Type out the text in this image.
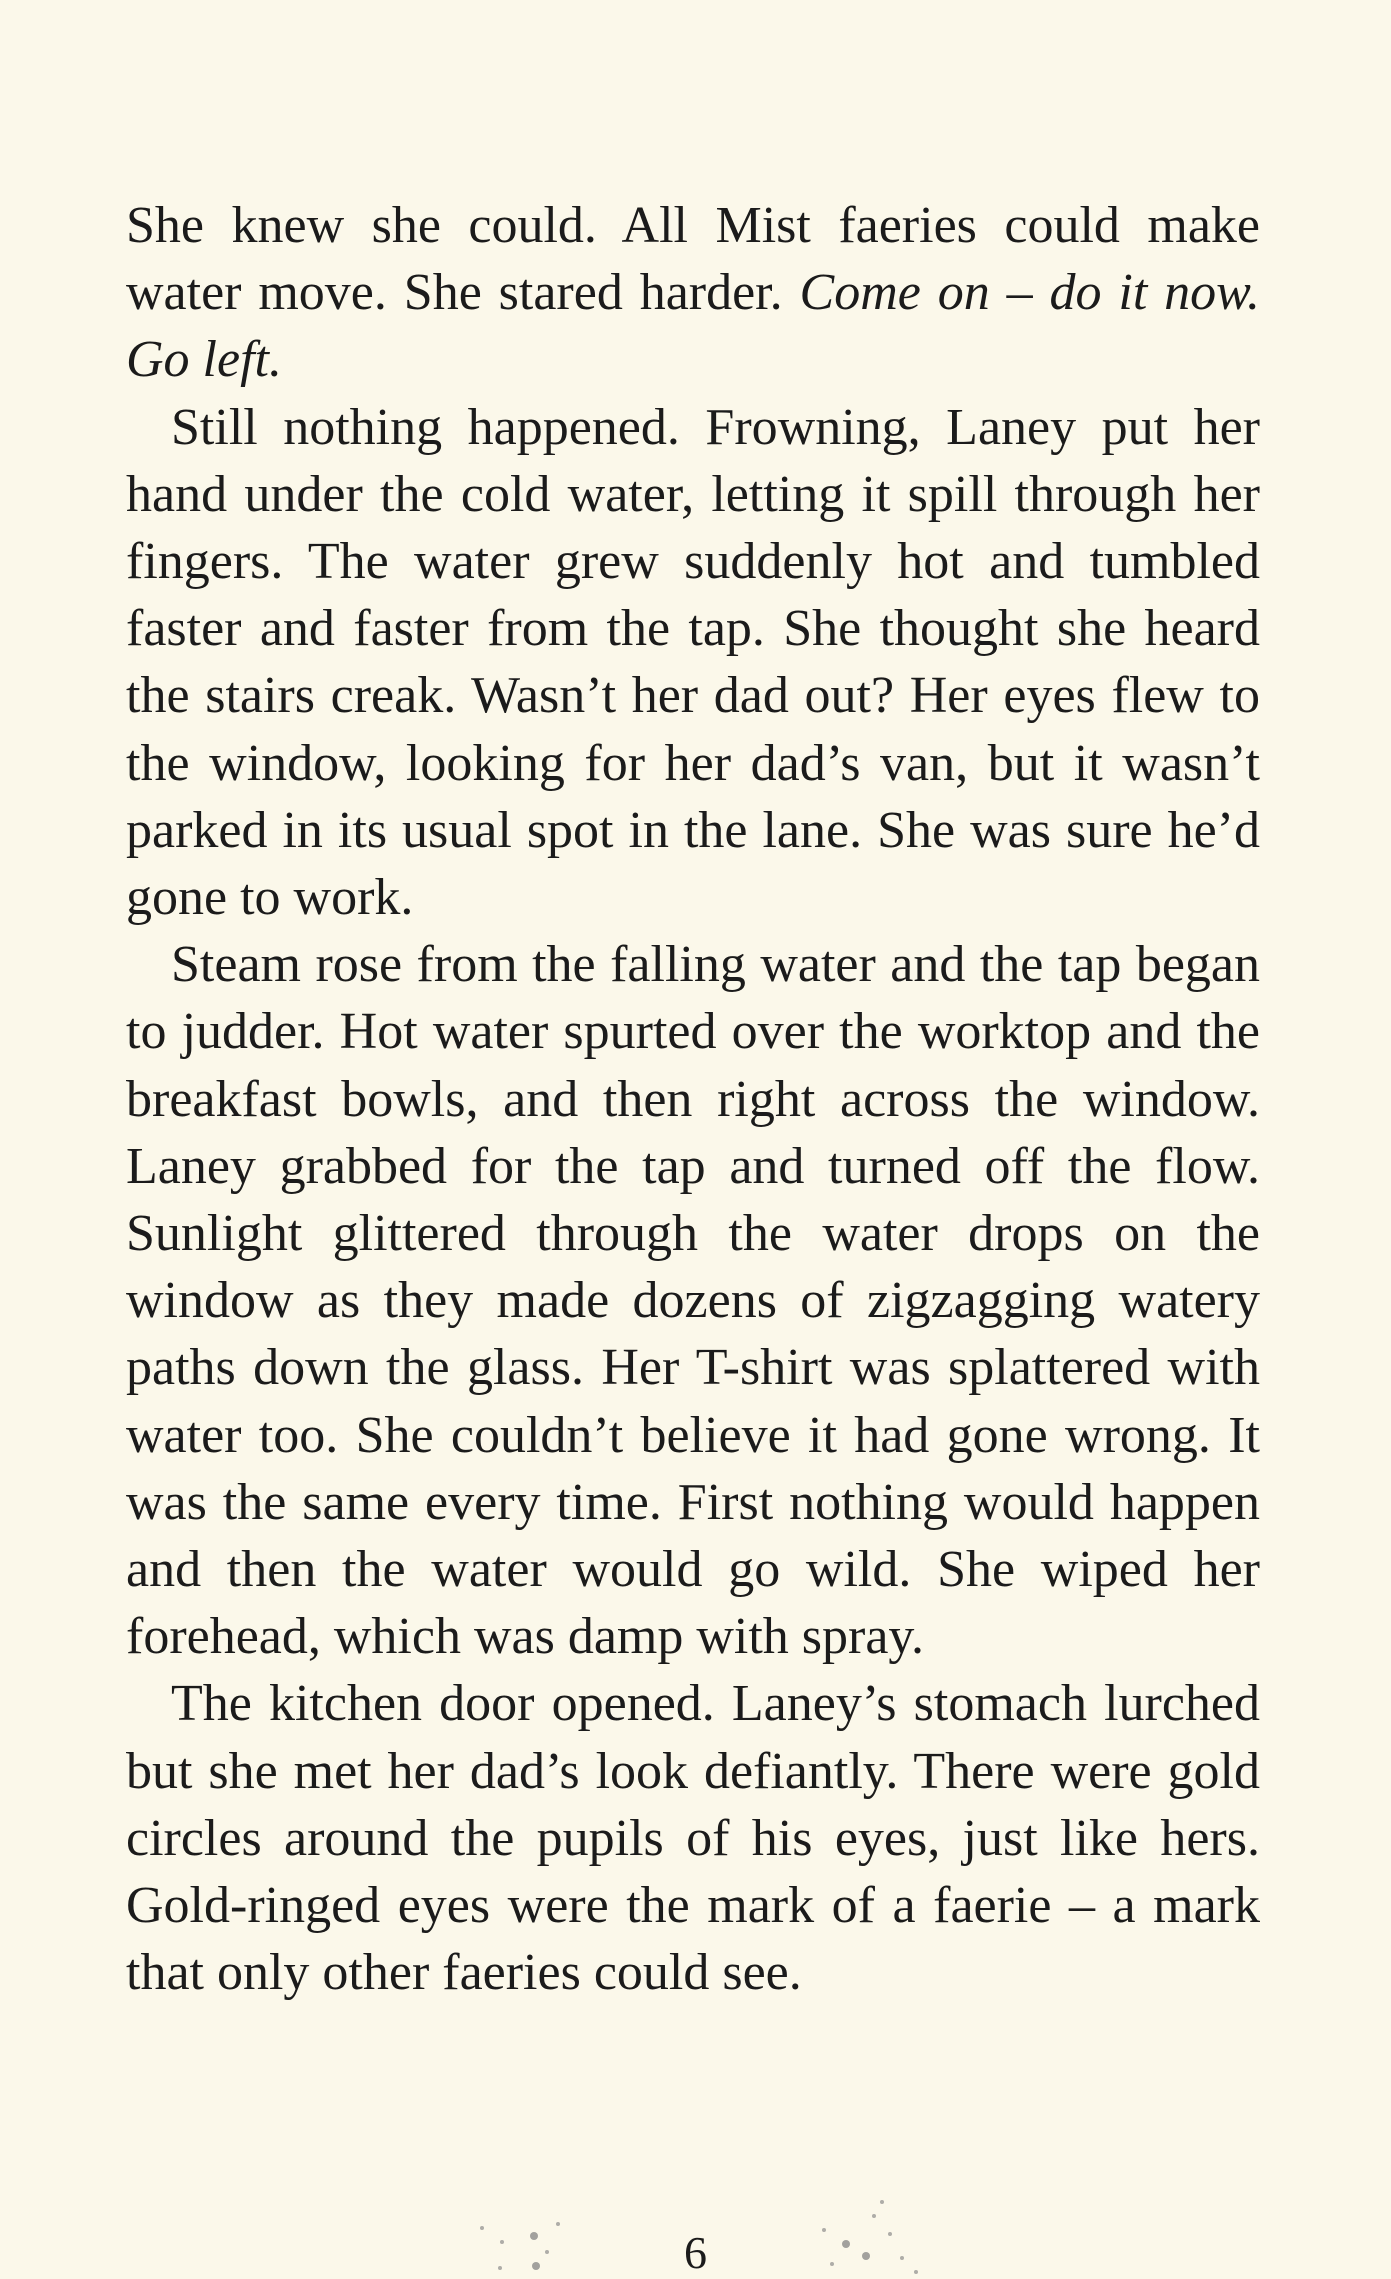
She knew she could. All Mist faeries could make water move. She stared harder. Come on – do it now. Go left.

Still nothing happened. Frowning, Laney put her hand under the cold water, letting it spill through her fingers. The water grew suddenly hot and tumbled faster and faster from the tap. She thought she heard the stairs creak. Wasn’t her dad out? Her eyes flew to the window, looking for her dad’s van, but it wasn’t parked in its usual spot in the lane. She was sure he’d gone to work.

Steam rose from the falling water and the tap began to judder. Hot water spurted over the worktop and the breakfast bowls, and then right across the window. Laney grabbed for the tap and turned off the flow. Sunlight glittered through the water drops on the window as they made dozens of zigzagging watery paths down the glass. Her T-shirt was splattered with water too. She couldn’t believe it had gone wrong. It was the same every time. First nothing would happen and then the water would go wild. She wiped her forehead, which was damp with spray.

The kitchen door opened. Laney’s stomach lurched but she met her dad’s look defiantly. There were gold circles around the pupils of his eyes, just like hers. Gold-ringed eyes were the mark of a faerie – a mark that only other faeries could see.

6
